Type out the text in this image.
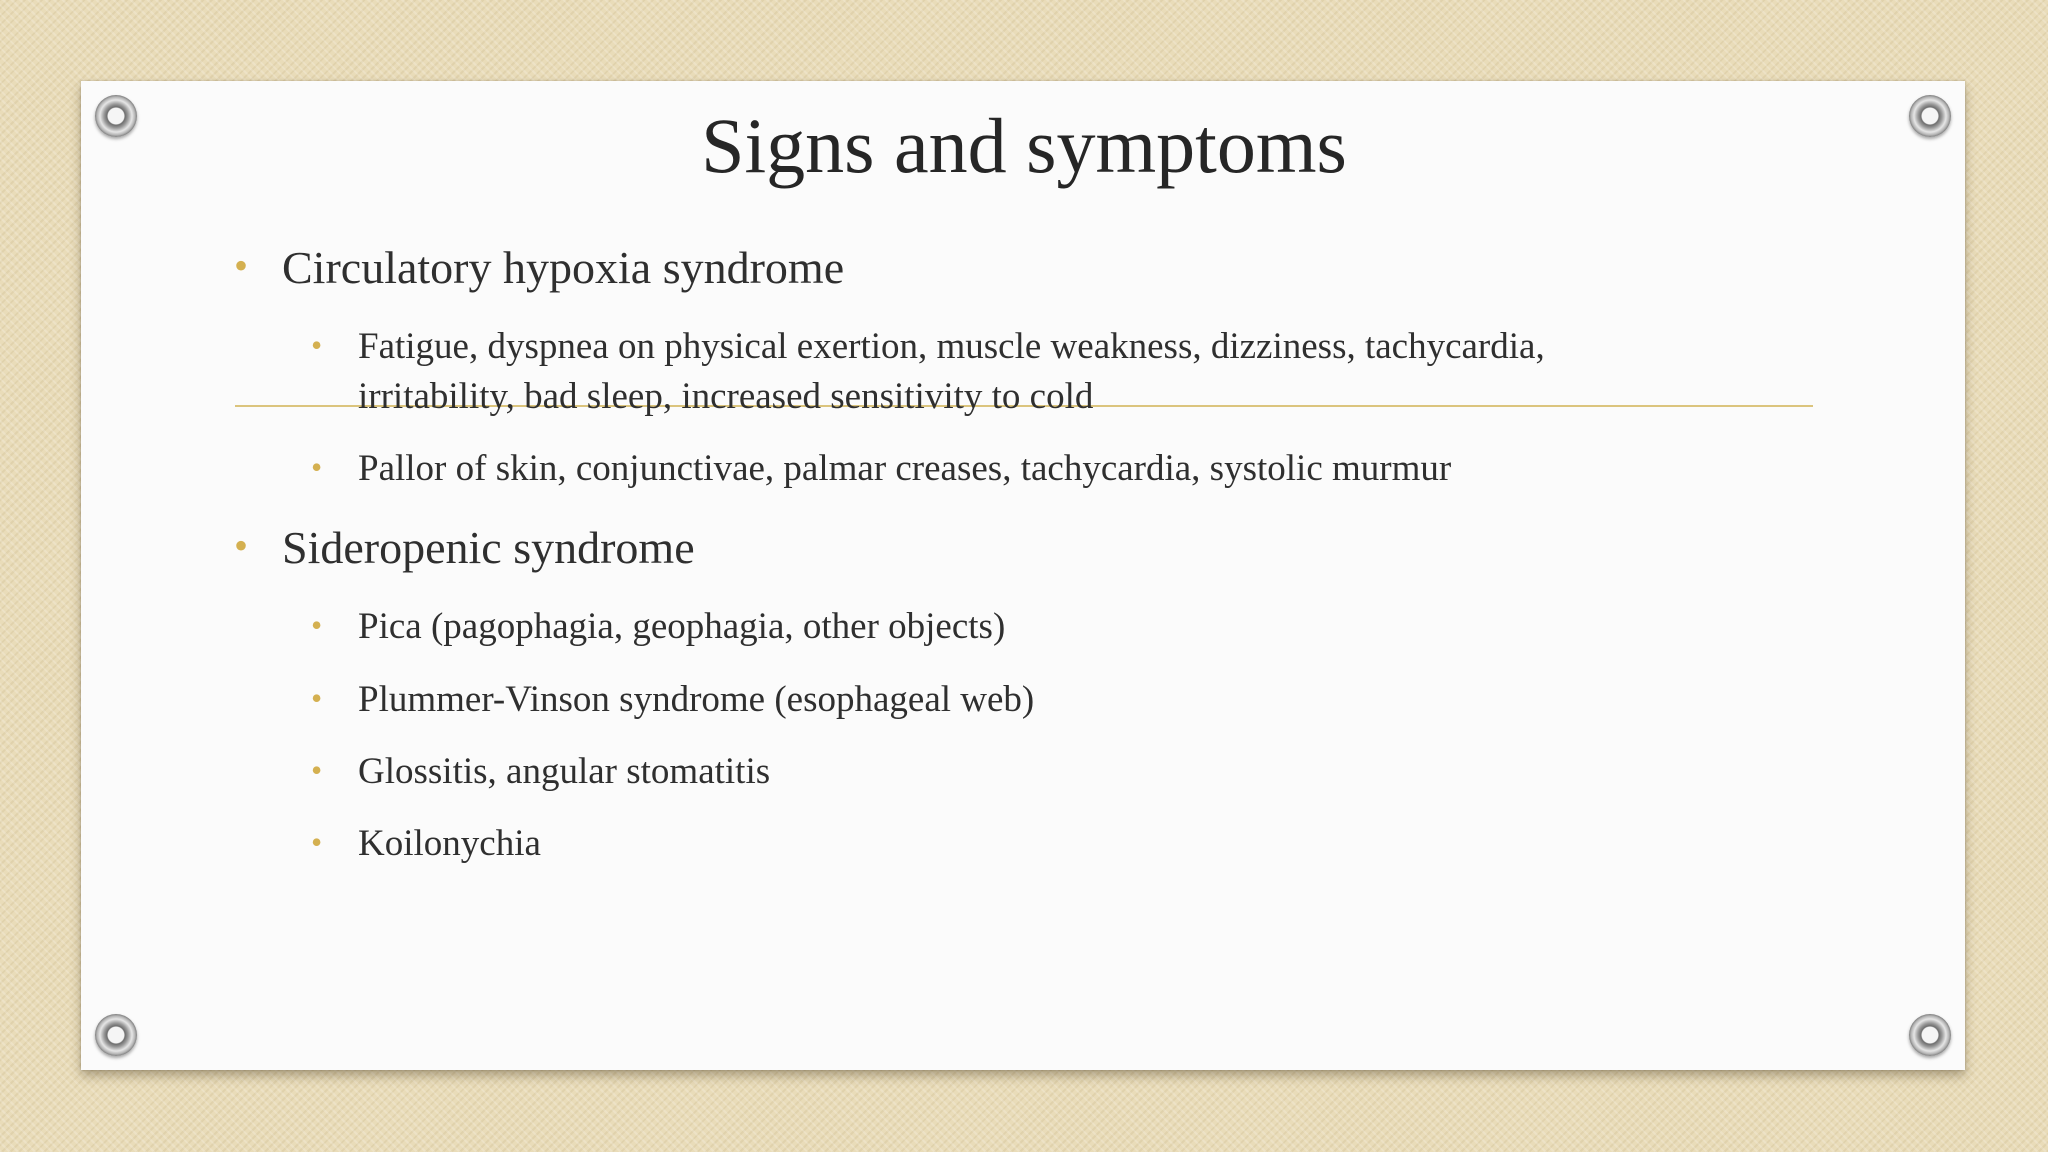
Signs and symptoms
• Circulatory hypoxia syndrome
• Fatigue, dyspnea on physical exertion, muscle weakness, dizziness, tachycardia, irritability, bad sleep, increased sensitivity to cold
• Pallor of skin, conjunctivae, palmar creases, tachycardia, systolic murmur
• Sideropenic syndrome
• Pica (pagophagia, geophagia, other objects)
• Plummer-Vinson syndrome (esophageal web)
• Glossitis, angular stomatitis
• Koilonychia
